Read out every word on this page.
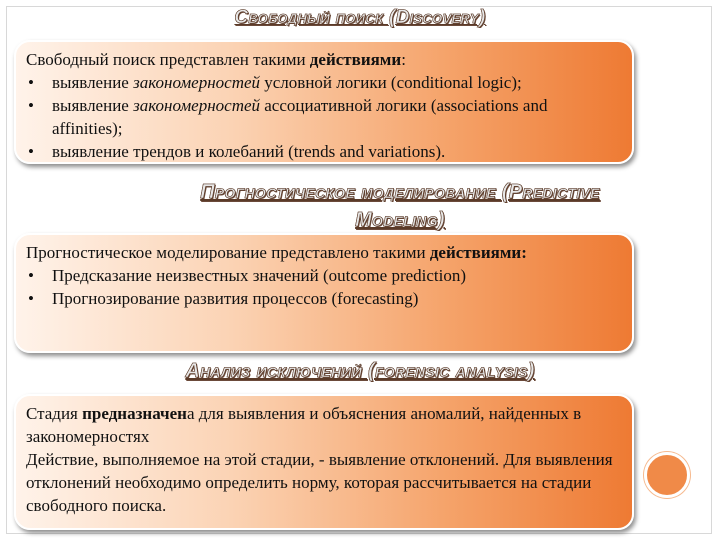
Свободный поиск (Discovery)
Свободный поиск представлен такими действиями:
• выявление закономерностей условной логики (conditional logic);
• выявление закономерностей ассоциативной логики (associations and affinities);
• выявление трендов и колебаний (trends and variations).
Прогностическое моделирование (Predictive
Modeling)
Прогностическое моделирование представлено такими действиями:
• Предсказание неизвестных значений (outcome prediction)
• Прогнозирование развития процессов (forecasting)
Анализ исключений (forensic analysis)
Стадия предназначена для выявления и объяснения аномалий, найденных в закономерностях
Действие, выполняемое на этой стадии, - выявление отклонений. Для выявления отклонений необходимо определить норму, которая рассчитывается на стадии свободного поиска.
